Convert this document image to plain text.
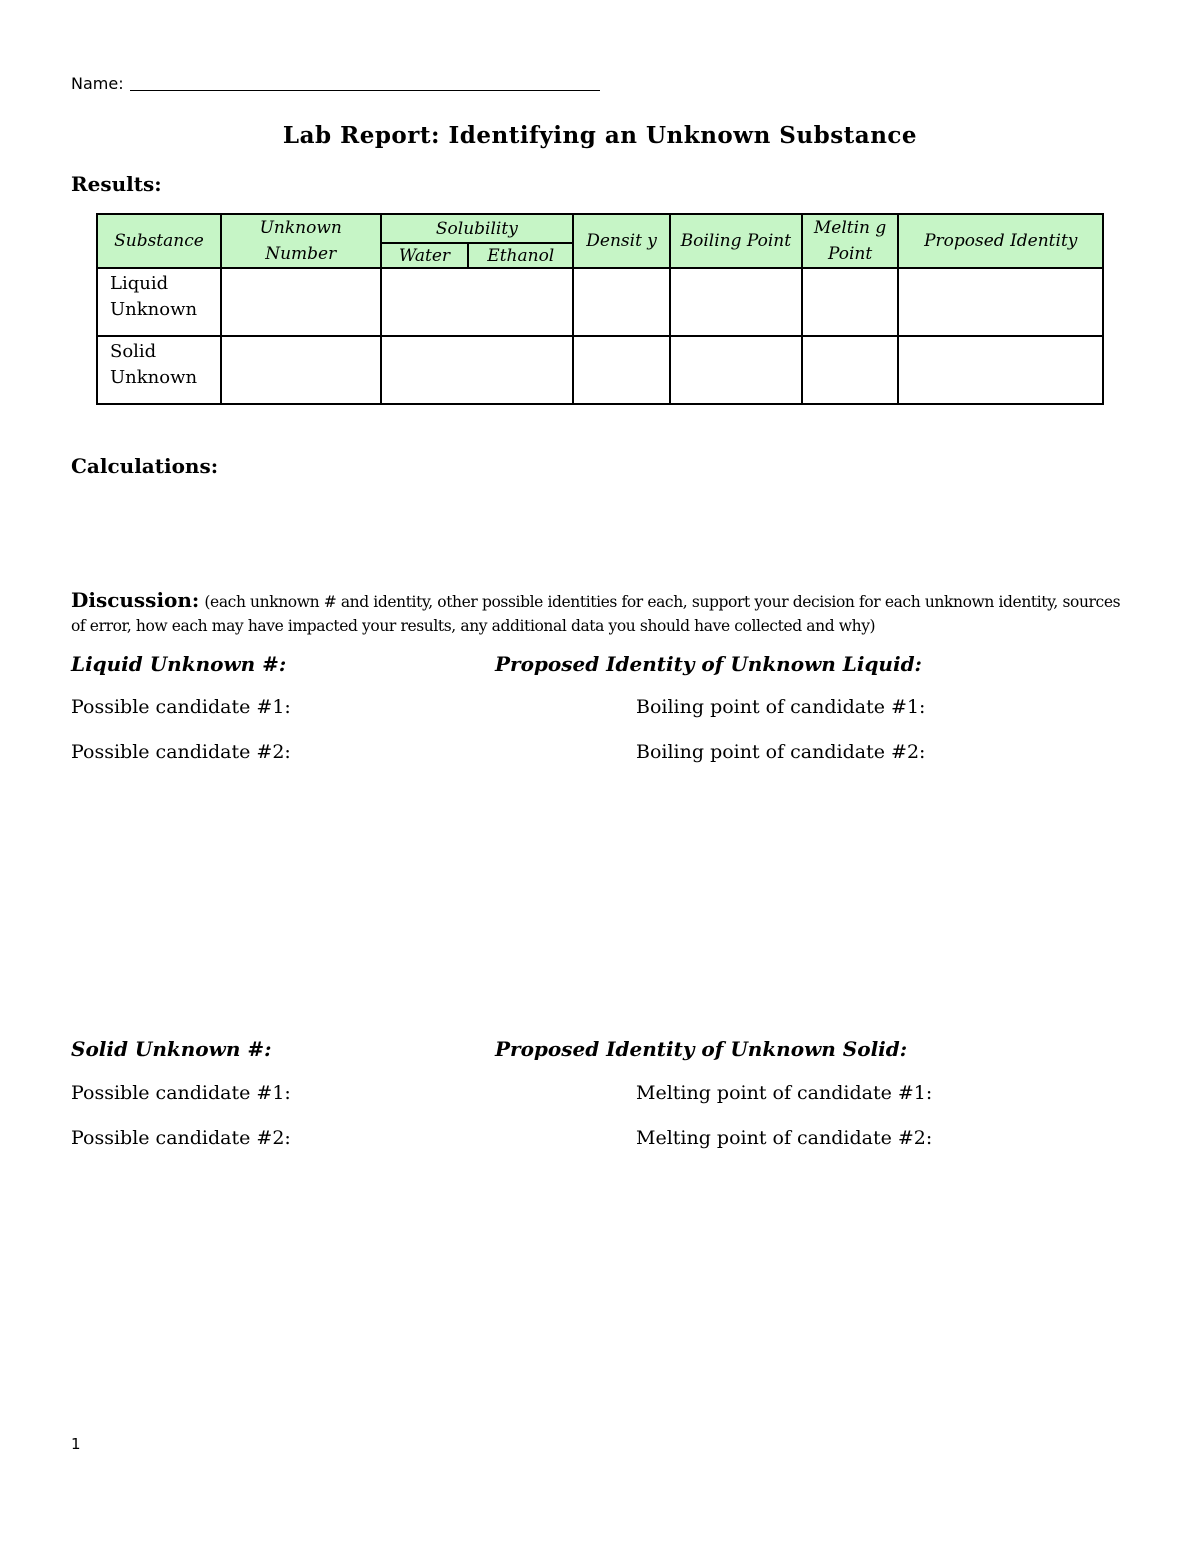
Name:
Lab Report: Identifying an Unknown Substance
Results:
Substance	Unknown Number	Solubility		Densit y	Boiling Point	Meltin g Point	Proposed Identity
		Water	Ethanol				
Liquid Unknown							
Solid Unknown							
Calculations:
Discussion: (each unknown # and identity, other possible identities for each, support your decision for each unknown identity, sources of error, how each may have impacted your results, any additional data you should have collected and why)
Liquid Unknown #:	Proposed Identity of Unknown Liquid:
Possible candidate #1:	Boiling point of candidate #1:
Possible candidate #2:	Boiling point of candidate #2:
Solid Unknown #:	Proposed Identity of Unknown Solid:
Possible candidate #1:	Melting point of candidate #1:
Possible candidate #2:	Melting point of candidate #2:
1
